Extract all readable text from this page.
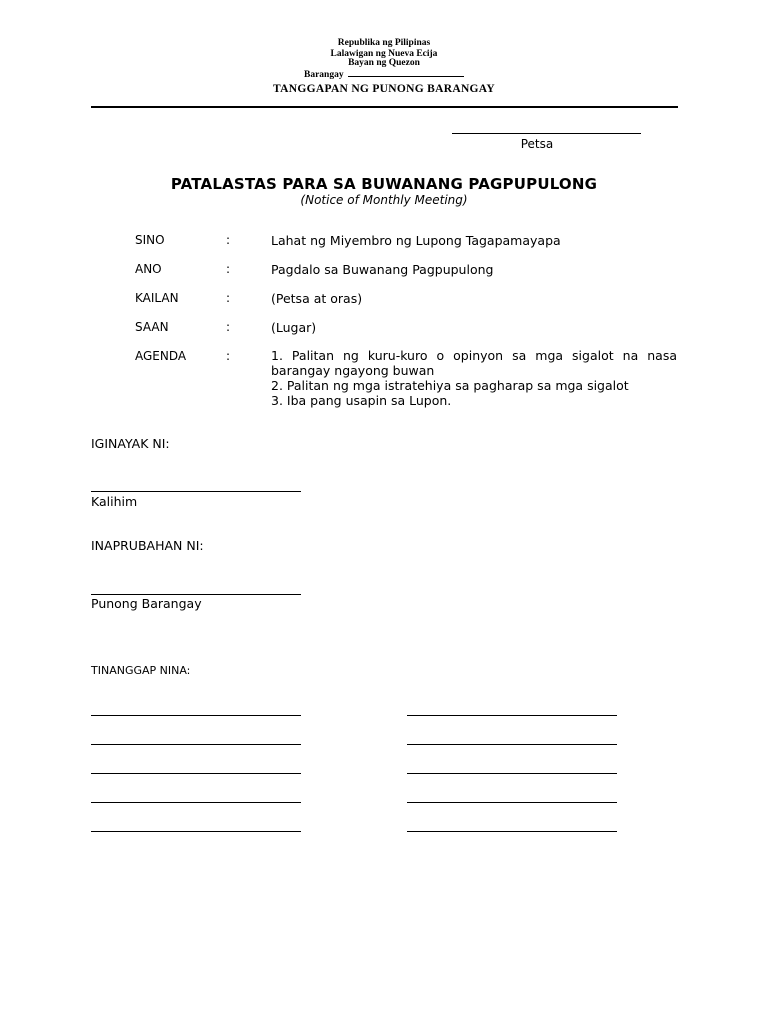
Republika ng Pilipinas
Lalawigan ng Nueva Ecija
Bayan ng Quezon
Barangay
TANGGAPAN NG PUNONG BARANGAY
Petsa
PATALASTAS PARA SA BUWANANG PAGPUPULONG
(Notice of Monthly Meeting)
SINO	:	Lahat ng Miyembro ng Lupong Tagapamayapa
ANO	:	Pagdalo sa Buwanang Pagpupulong
KAILAN	:	(Petsa at oras)
SAAN	:	(Lugar)
AGENDA	:	1. Palitan ng kuru-kuro o opinyon sa mga sigalot na nasa
barangay ngayong buwan
2. Palitan ng mga istratehiya sa pagharap sa mga sigalot
3. Iba pang usapin sa Lupon.
IGINAYAK NI:
Kalihim
INAPRUBAHAN NI:
Punong Barangay
TINANGGAP NINA:
